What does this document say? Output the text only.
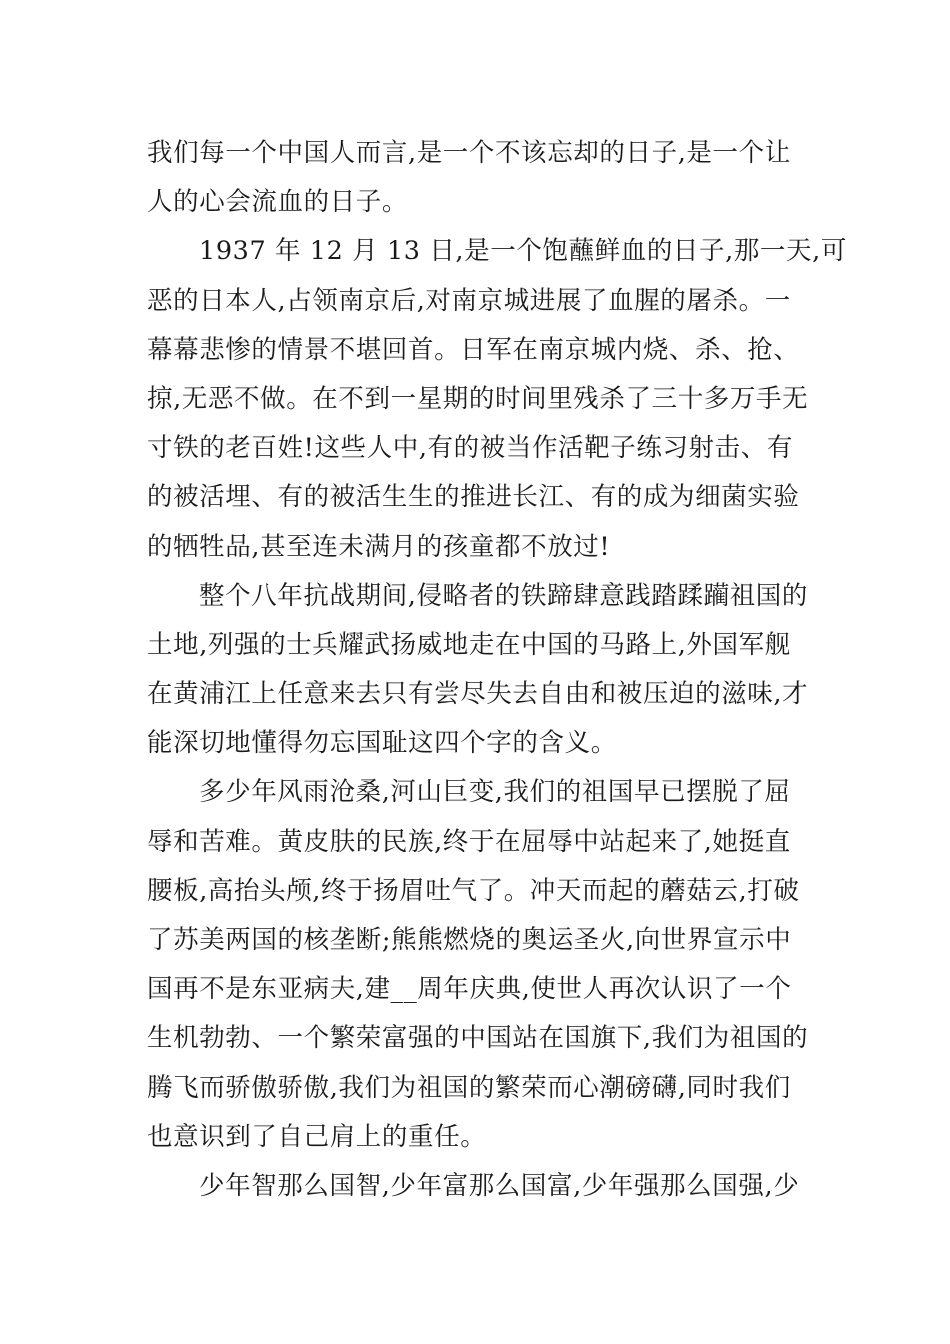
我们每一个中国人而言,是一个不该忘却的日子,是一个让
人的心会流血的日子。

1937 年 12 月 13 日,是一个饱蘸鲜血的日子,那一天,可
恶的日本人,占领南京后,对南京城进展了血腥的屠杀。一
幕幕悲惨的情景不堪回首。日军在南京城内烧、杀、抢、
掠,无恶不做。在不到一星期的时间里残杀了三十多万手无
寸铁的老百姓!这些人中,有的被当作活靶子练习射击、有
的被活埋、有的被活生生的推进长江、有的成为细菌实验
的牺牲品,甚至连未满月的孩童都不放过!

整个八年抗战期间,侵略者的铁蹄肆意践踏蹂躏祖国的
土地,列强的士兵耀武扬威地走在中国的马路上,外国军舰
在黄浦江上任意来去只有尝尽失去自由和被压迫的滋味,才
能深切地懂得勿忘国耻这四个字的含义。

多少年风雨沧桑,河山巨变,我们的祖国早已摆脱了屈
辱和苦难。黄皮肤的民族,终于在屈辱中站起来了,她挺直
腰板,高抬头颅,终于扬眉吐气了。冲天而起的蘑菇云,打破
了苏美两国的核垄断;熊熊燃烧的奥运圣火,向世界宣示中
国再不是东亚病夫,建__周年庆典,使世人再次认识了一个
生机勃勃、一个繁荣富强的中国站在国旗下,我们为祖国的
腾飞而骄傲骄傲,我们为祖国的繁荣而心潮磅礴,同时我们
也意识到了自己肩上的重任。

少年智那么国智,少年富那么国富,少年强那么国强,少
